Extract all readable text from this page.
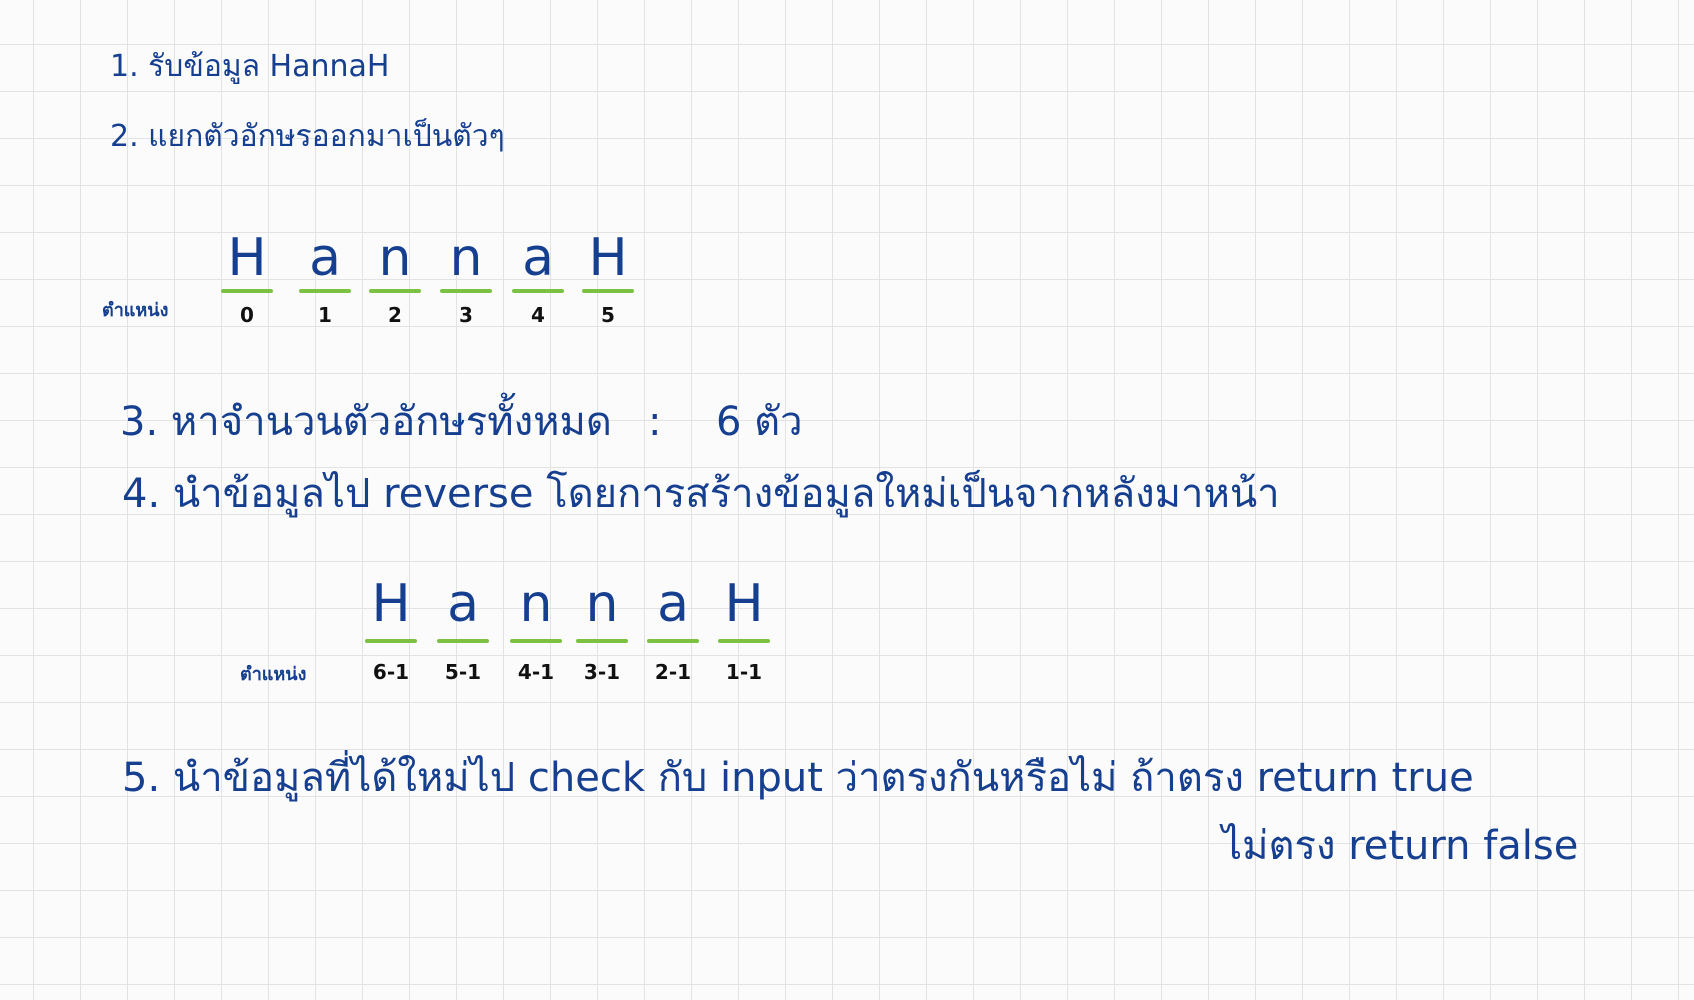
1. รับข้อมูล HannaH
2. แยกตัวอักษรออกมาเป็นตัวๆ
ตำแหน่ง
H
0
a
1
n
2
n
3
a
4
H
5
3. หาจำนวนตัวอักษรทั้งหมด : 6 ตัว
4. นำข้อมูลไป reverse โดยการสร้างข้อมูลใหม่เป็นจากหลังมาหน้า
ตำแหน่ง
H
6-1
a
5-1
n
4-1
n
3-1
a
2-1
H
1-1
5. นำข้อมูลที่ได้ใหม่ไป check กับ input ว่าตรงกันหรือไม่ ถ้าตรง return true
ไม่ตรง return false
